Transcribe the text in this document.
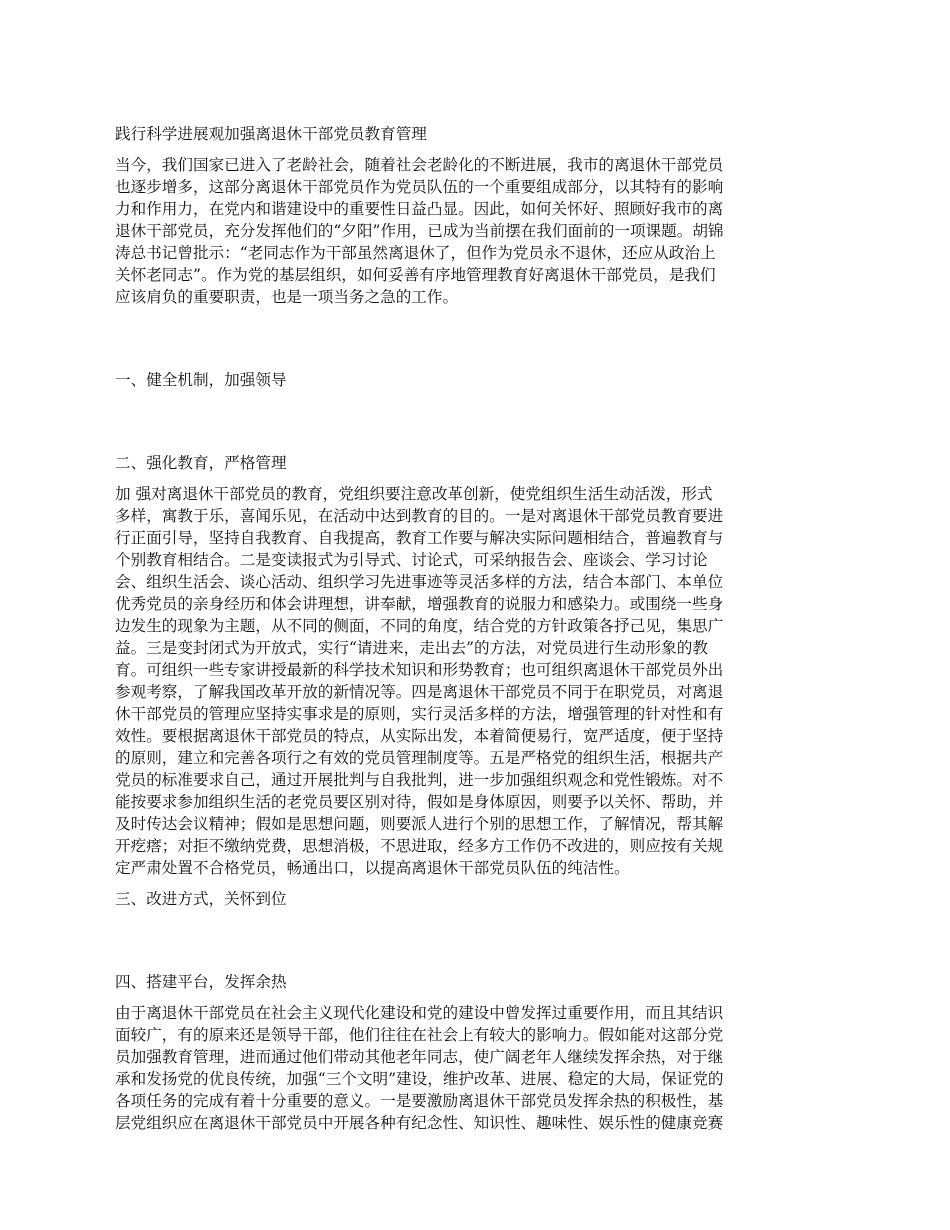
践行科学进展观加强离退休干部党员教育管理
当今，我们国家已进入了老龄社会，随着社会老龄化的不断进展，我市的离退休干部党员
也逐步增多，这部分离退休干部党员作为党员队伍的一个重要组成部分，以其特有的影响
力和作用力，在党内和谐建设中的重要性日益凸显。因此，如何关怀好、照顾好我市的离
退休干部党员，充分发挥他们的“夕阳”作用，已成为当前摆在我们面前的一项课题。胡锦
涛总书记曾批示：“老同志作为干部虽然离退休了，但作为党员永不退休，还应从政治上
关怀老同志”。作为党的基层组织，如何妥善有序地管理教育好离退休干部党员，是我们
应该肩负的重要职责，也是一项当务之急的工作。
一、健全机制，加强领导
二、强化教育，严格管理
加 强对离退休干部党员的教育，党组织要注意改革创新，使党组织生活生动活泼，形式
多样，寓教于乐，喜闻乐见，在活动中达到教育的目的。一是对离退休干部党员教育要进
行正面引导，坚持自我教育、自我提高，教育工作要与解决实际问题相结合，普遍教育与
个别教育相结合。二是变读报式为引导式、讨论式，可采纳报告会、座谈会、学习讨论
会、组织生活会、谈心活动、组织学习先进事迹等灵活多样的方法，结合本部门、本单位
优秀党员的亲身经历和体会讲理想，讲奉献，增强教育的说服力和感染力。或围绕一些身
边发生的现象为主题，从不同的侧面，不同的角度，结合党的方针政策各抒己见，集思广
益。三是变封闭式为开放式，实行“请进来，走出去”的方法，对党员进行生动形象的教
育。可组织一些专家讲授最新的科学技术知识和形势教育；也可组织离退休干部党员外出
参观考察，了解我国改革开放的新情况等。四是离退休干部党员不同于在职党员，对离退
休干部党员的管理应坚持实事求是的原则，实行灵活多样的方法，增强管理的针对性和有
效性。要根据离退休干部党员的特点，从实际出发，本着简便易行，宽严适度，便于坚持
的原则，建立和完善各项行之有效的党员管理制度等。五是严格党的组织生活，根据共产
党员的标准要求自己，通过开展批判与自我批判，进一步加强组织观念和党性锻炼。对不
能按要求参加组织生活的老党员要区别对待，假如是身体原因，则要予以关怀、帮助，并
及时传达会议精神；假如是思想问题，则要派人进行个别的思想工作，了解情况，帮其解
开疙瘩；对拒不缴纳党费，思想消极，不思进取，经多方工作仍不改进的，则应按有关规
定严肃处置不合格党员，畅通出口，以提高离退休干部党员队伍的纯洁性。
三、改进方式，关怀到位
四、搭建平台，发挥余热
由于离退休干部党员在社会主义现代化建设和党的建设中曾发挥过重要作用，而且其结识
面较广，有的原来还是领导干部，他们往往在社会上有较大的影响力。假如能对这部分党
员加强教育管理，进而通过他们带动其他老年同志，使广阔老年人继续发挥余热，对于继
承和发扬党的优良传统，加强“三个文明”建设，维护改革、进展、稳定的大局，保证党的
各项任务的完成有着十分重要的意义。一是要激励离退休干部党员发挥余热的积极性，基
层党组织应在离退休干部党员中开展各种有纪念性、知识性、趣味性、娱乐性的健康竞赛
